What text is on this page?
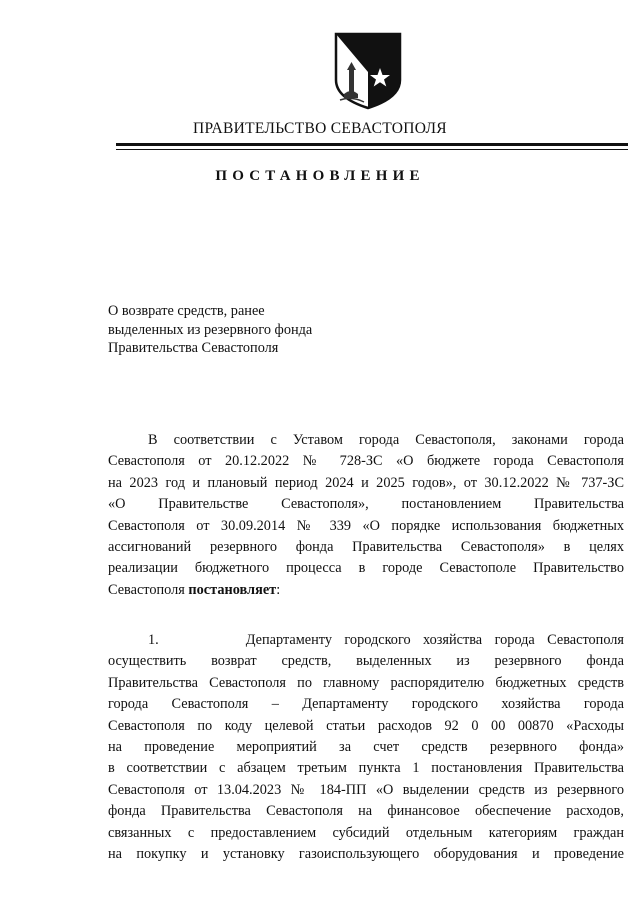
ПРАВИТЕЛЬСТВО СЕВАСТОПОЛЯ
ПОСТАНОВЛЕНИЕ
О возврате средств, ранее
выделенных из резервного фонда
Правительства Севастополя
В соответствии с Уставом города Севастополя, законами города
Севастополя от 20.12.2022 № 728-ЗС «О бюджете города Севастополя
на 2023 год и плановый период 2024 и 2025 годов», от 30.12.2022 № 737-ЗС
«О Правительстве Севастополя», постановлением Правительства
Севастополя от 30.09.2014 № 339 «О порядке использования бюджетных
ассигнований резервного фонда Правительства Севастополя» в целях
реализации бюджетного процесса в городе Севастополе Правительство
Севастополя постановляет:
1.	Департаменту городского хозяйства города Севастополя
осуществить возврат средств, выделенных из резервного фонда
Правительства Севастополя по главному распорядителю бюджетных средств
города Севастополя – Департаменту городского хозяйства города
Севастополя по коду целевой статьи расходов 92 0 00 00870 «Расходы
на проведение мероприятий за счет средств резервного фонда»
в соответствии с абзацем третьим пункта 1 постановления Правительства
Севастополя от 13.04.2023 № 184-ПП «О выделении средств из резервного
фонда Правительства Севастополя на финансовое обеспечение расходов,
связанных с предоставлением субсидий отдельным категориям граждан
на покупку и установку газоиспользующего оборудования и проведение
